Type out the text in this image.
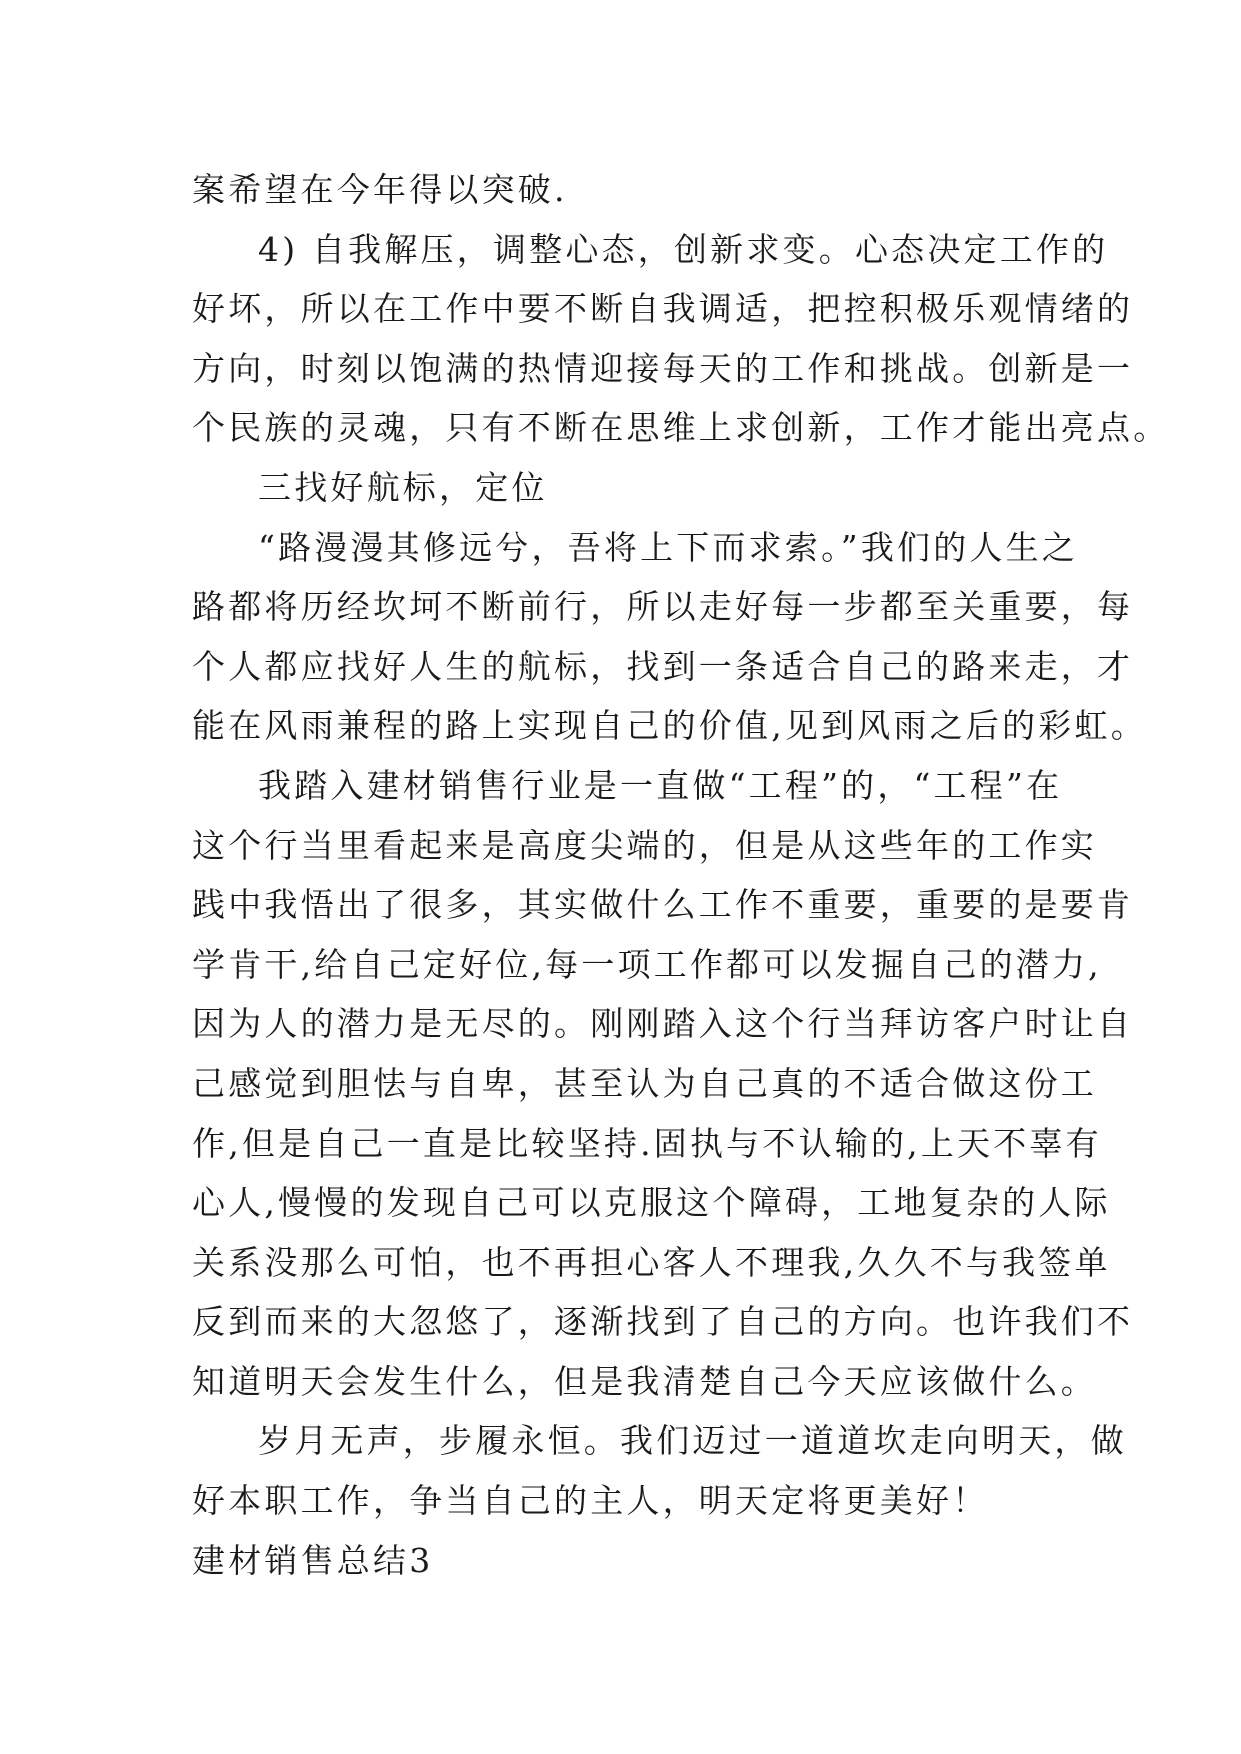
案希望在今年得以突破.
4) 自我解压，调整心态，创新求变。心态决定工作的
好坏，所以在工作中要不断自我调适，把控积极乐观情绪的
方向，时刻以饱满的热情迎接每天的工作和挑战。创新是一
个民族的灵魂，只有不断在思维上求创新，工作才能出亮点。
三找好航标，定位
“路漫漫其修远兮，吾将上下而求索。”我们的人生之
路都将历经坎坷不断前行，所以走好每一步都至关重要，每
个人都应找好人生的航标，找到一条适合自己的路来走，才
能在风雨兼程的路上实现自己的价值,见到风雨之后的彩虹。
我踏入建材销售行业是一直做“工程”的，“工程”在
这个行当里看起来是高度尖端的，但是从这些年的工作实
践中我悟出了很多，其实做什么工作不重要，重要的是要肯
学肯干,给自己定好位,每一项工作都可以发掘自己的潜力,
因为人的潜力是无尽的。刚刚踏入这个行当拜访客户时让自
己感觉到胆怯与自卑，甚至认为自己真的不适合做这份工
作,但是自己一直是比较坚持.固执与不认输的,上天不辜有
心人,慢慢的发现自己可以克服这个障碍，工地复杂的人际
关系没那么可怕，也不再担心客人不理我,久久不与我签单
反到而来的大忽悠了，逐渐找到了自己的方向。也许我们不
知道明天会发生什么，但是我清楚自己今天应该做什么。
岁月无声，步履永恒。我们迈过一道道坎走向明天，做
好本职工作，争当自己的主人，明天定将更美好！
建材销售总结3
